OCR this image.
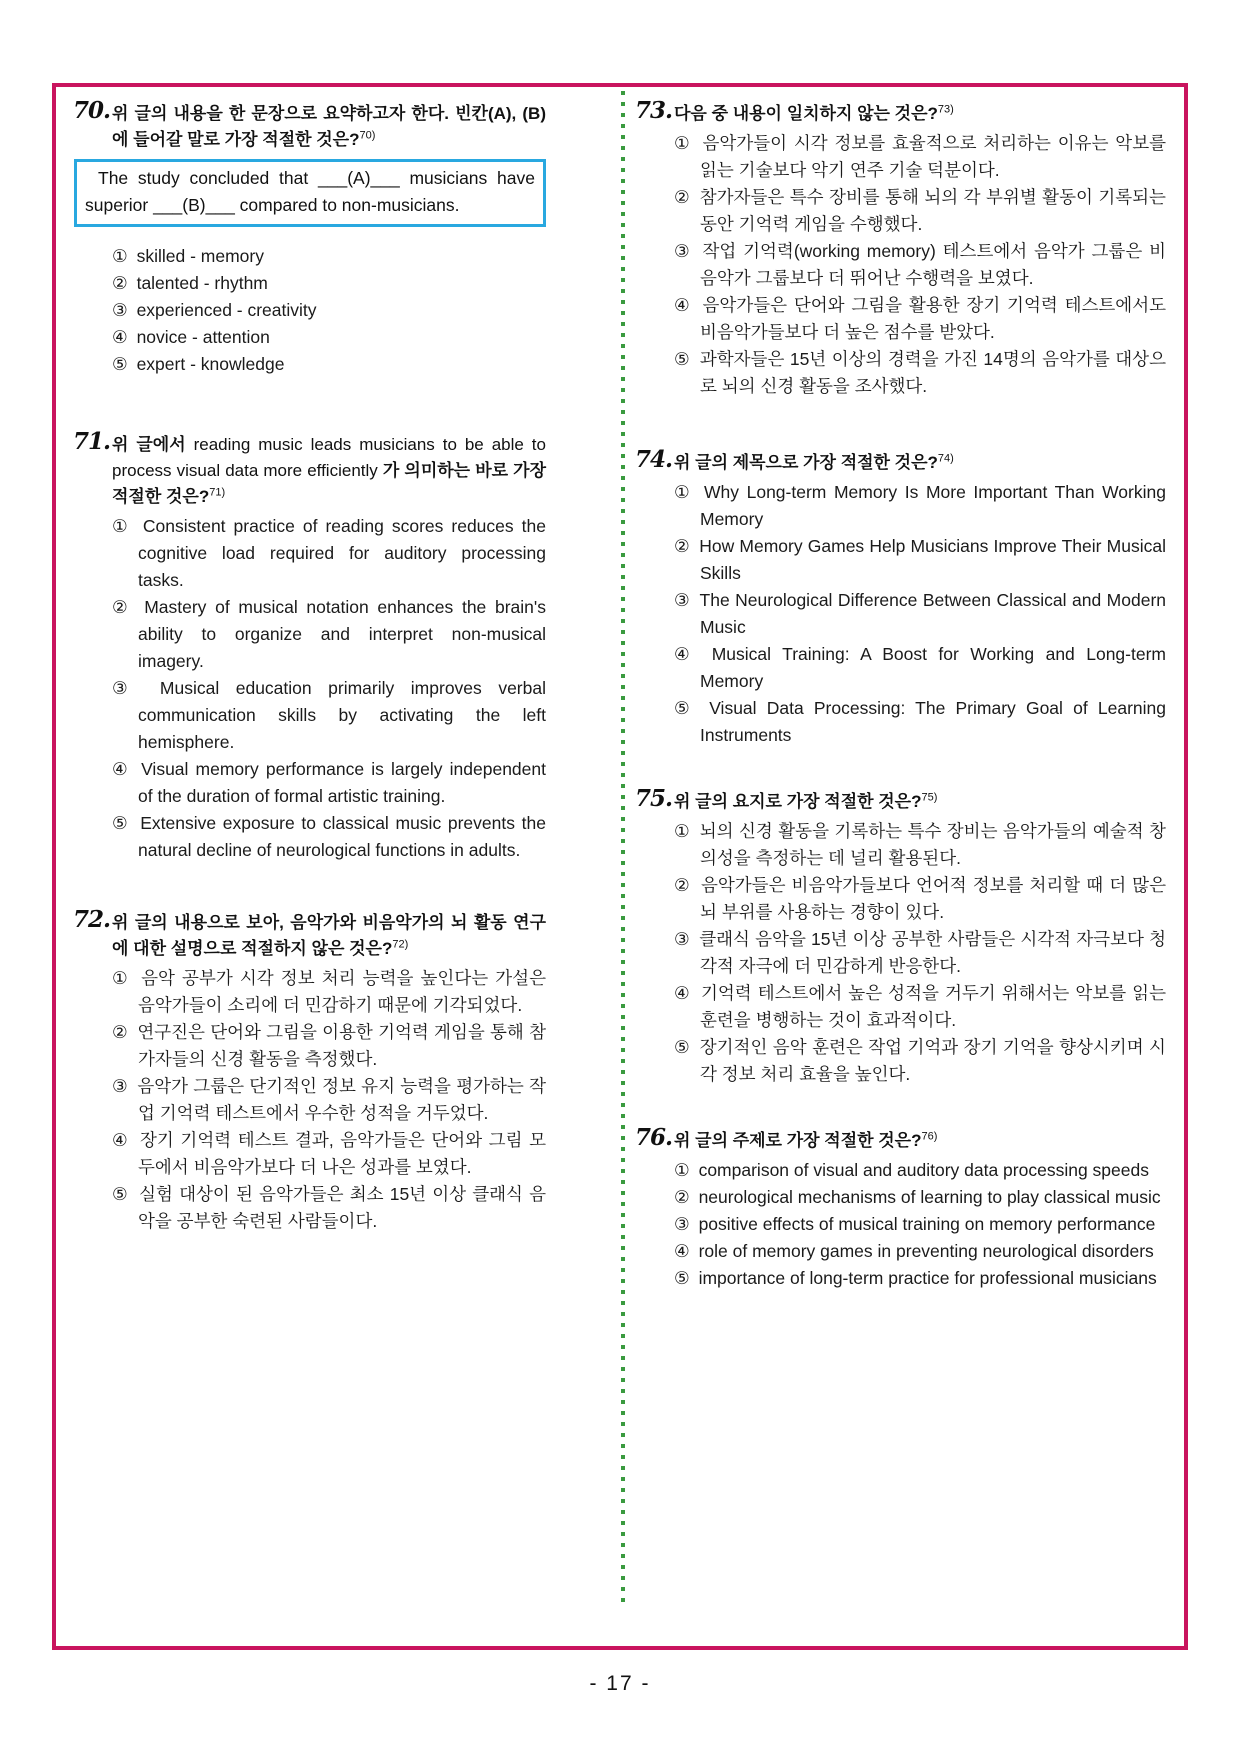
70. 위 글의 내용을 한 문장으로 요약하고자 한다. 빈칸(A), (B)에 들어갈 말로 가장 적절한 것은?$^{70)}$
The study concluded that ___(A)___ musicians have superior ___(B)___ compared to non-musicians.
① skilled - memory
② talented - rhythm
③ experienced - creativity
④ novice - attention
⑤ expert - knowledge
71. 위 글에서 reading music leads musicians to be able to process visual data more efficiently 가 의미하는 바로 가장 적절한 것은?$^{71)}$
① Consistent practice of reading scores reduces the cognitive load required for auditory processing tasks.
② Mastery of musical notation enhances the brain's ability to organize and interpret non-musical imagery.
③ Musical education primarily improves verbal communication skills by activating the left hemisphere.
④ Visual memory performance is largely independent of the duration of formal artistic training.
⑤ Extensive exposure to classical music prevents the natural decline of neurological functions in adults.
72. 위 글의 내용으로 보아, 음악가와 비음악가의 뇌 활동 연구에 대한 설명으로 적절하지 않은 것은?$^{72)}$
① 음악 공부가 시각 정보 처리 능력을 높인다는 가설은 음악가들이 소리에 더 민감하기 때문에 기각되었다.
② 연구진은 단어와 그림을 이용한 기억력 게임을 통해 참가자들의 신경 활동을 측정했다.
③ 음악가 그룹은 단기적인 정보 유지 능력을 평가하는 작업 기억력 테스트에서 우수한 성적을 거두었다.
④ 장기 기억력 테스트 결과, 음악가들은 단어와 그림 모두에서 비음악가보다 더 나은 성과를 보였다.
⑤ 실험 대상이 된 음악가들은 최소 15년 이상 클래식 음악을 공부한 숙련된 사람들이다.
73. 다음 중 내용이 일치하지 않는 것은?$^{73)}$
① 음악가들이 시각 정보를 효율적으로 처리하는 이유는 악보를 읽는 기술보다 악기 연주 기술 덕분이다.
② 참가자들은 특수 장비를 통해 뇌의 각 부위별 활동이 기록되는 동안 기억력 게임을 수행했다.
③ 작업 기억력(working memory) 테스트에서 음악가 그룹은 비음악가 그룹보다 더 뛰어난 수행력을 보였다.
④ 음악가들은 단어와 그림을 활용한 장기 기억력 테스트에서도 비음악가들보다 더 높은 점수를 받았다.
⑤ 과학자들은 15년 이상의 경력을 가진 14명의 음악가를 대상으로 뇌의 신경 활동을 조사했다.
74. 위 글의 제목으로 가장 적절한 것은?$^{74)}$
① Why Long-term Memory Is More Important Than Working Memory
② How Memory Games Help Musicians Improve Their Musical Skills
③ The Neurological Difference Between Classical and Modern Music
④ Musical Training: A Boost for Working and Long-term Memory
⑤ Visual Data Processing: The Primary Goal of Learning Instruments
75. 위 글의 요지로 가장 적절한 것은?$^{75)}$
① 뇌의 신경 활동을 기록하는 특수 장비는 음악가들의 예술적 창의성을 측정하는 데 널리 활용된다.
② 음악가들은 비음악가들보다 언어적 정보를 처리할 때 더 많은 뇌 부위를 사용하는 경향이 있다.
③ 클래식 음악을 15년 이상 공부한 사람들은 시각적 자극보다 청각적 자극에 더 민감하게 반응한다.
④ 기억력 테스트에서 높은 성적을 거두기 위해서는 악보를 읽는 훈련을 병행하는 것이 효과적이다.
⑤ 장기적인 음악 훈련은 작업 기억과 장기 기억을 향상시키며 시각 정보 처리 효율을 높인다.
76. 위 글의 주제로 가장 적절한 것은?$^{76)}$
① comparison of visual and auditory data processing speeds
② neurological mechanisms of learning to play classical music
③ positive effects of musical training on memory performance
④ role of memory games in preventing neurological disorders
⑤ importance of long-term practice for professional musicians
- 17 -
